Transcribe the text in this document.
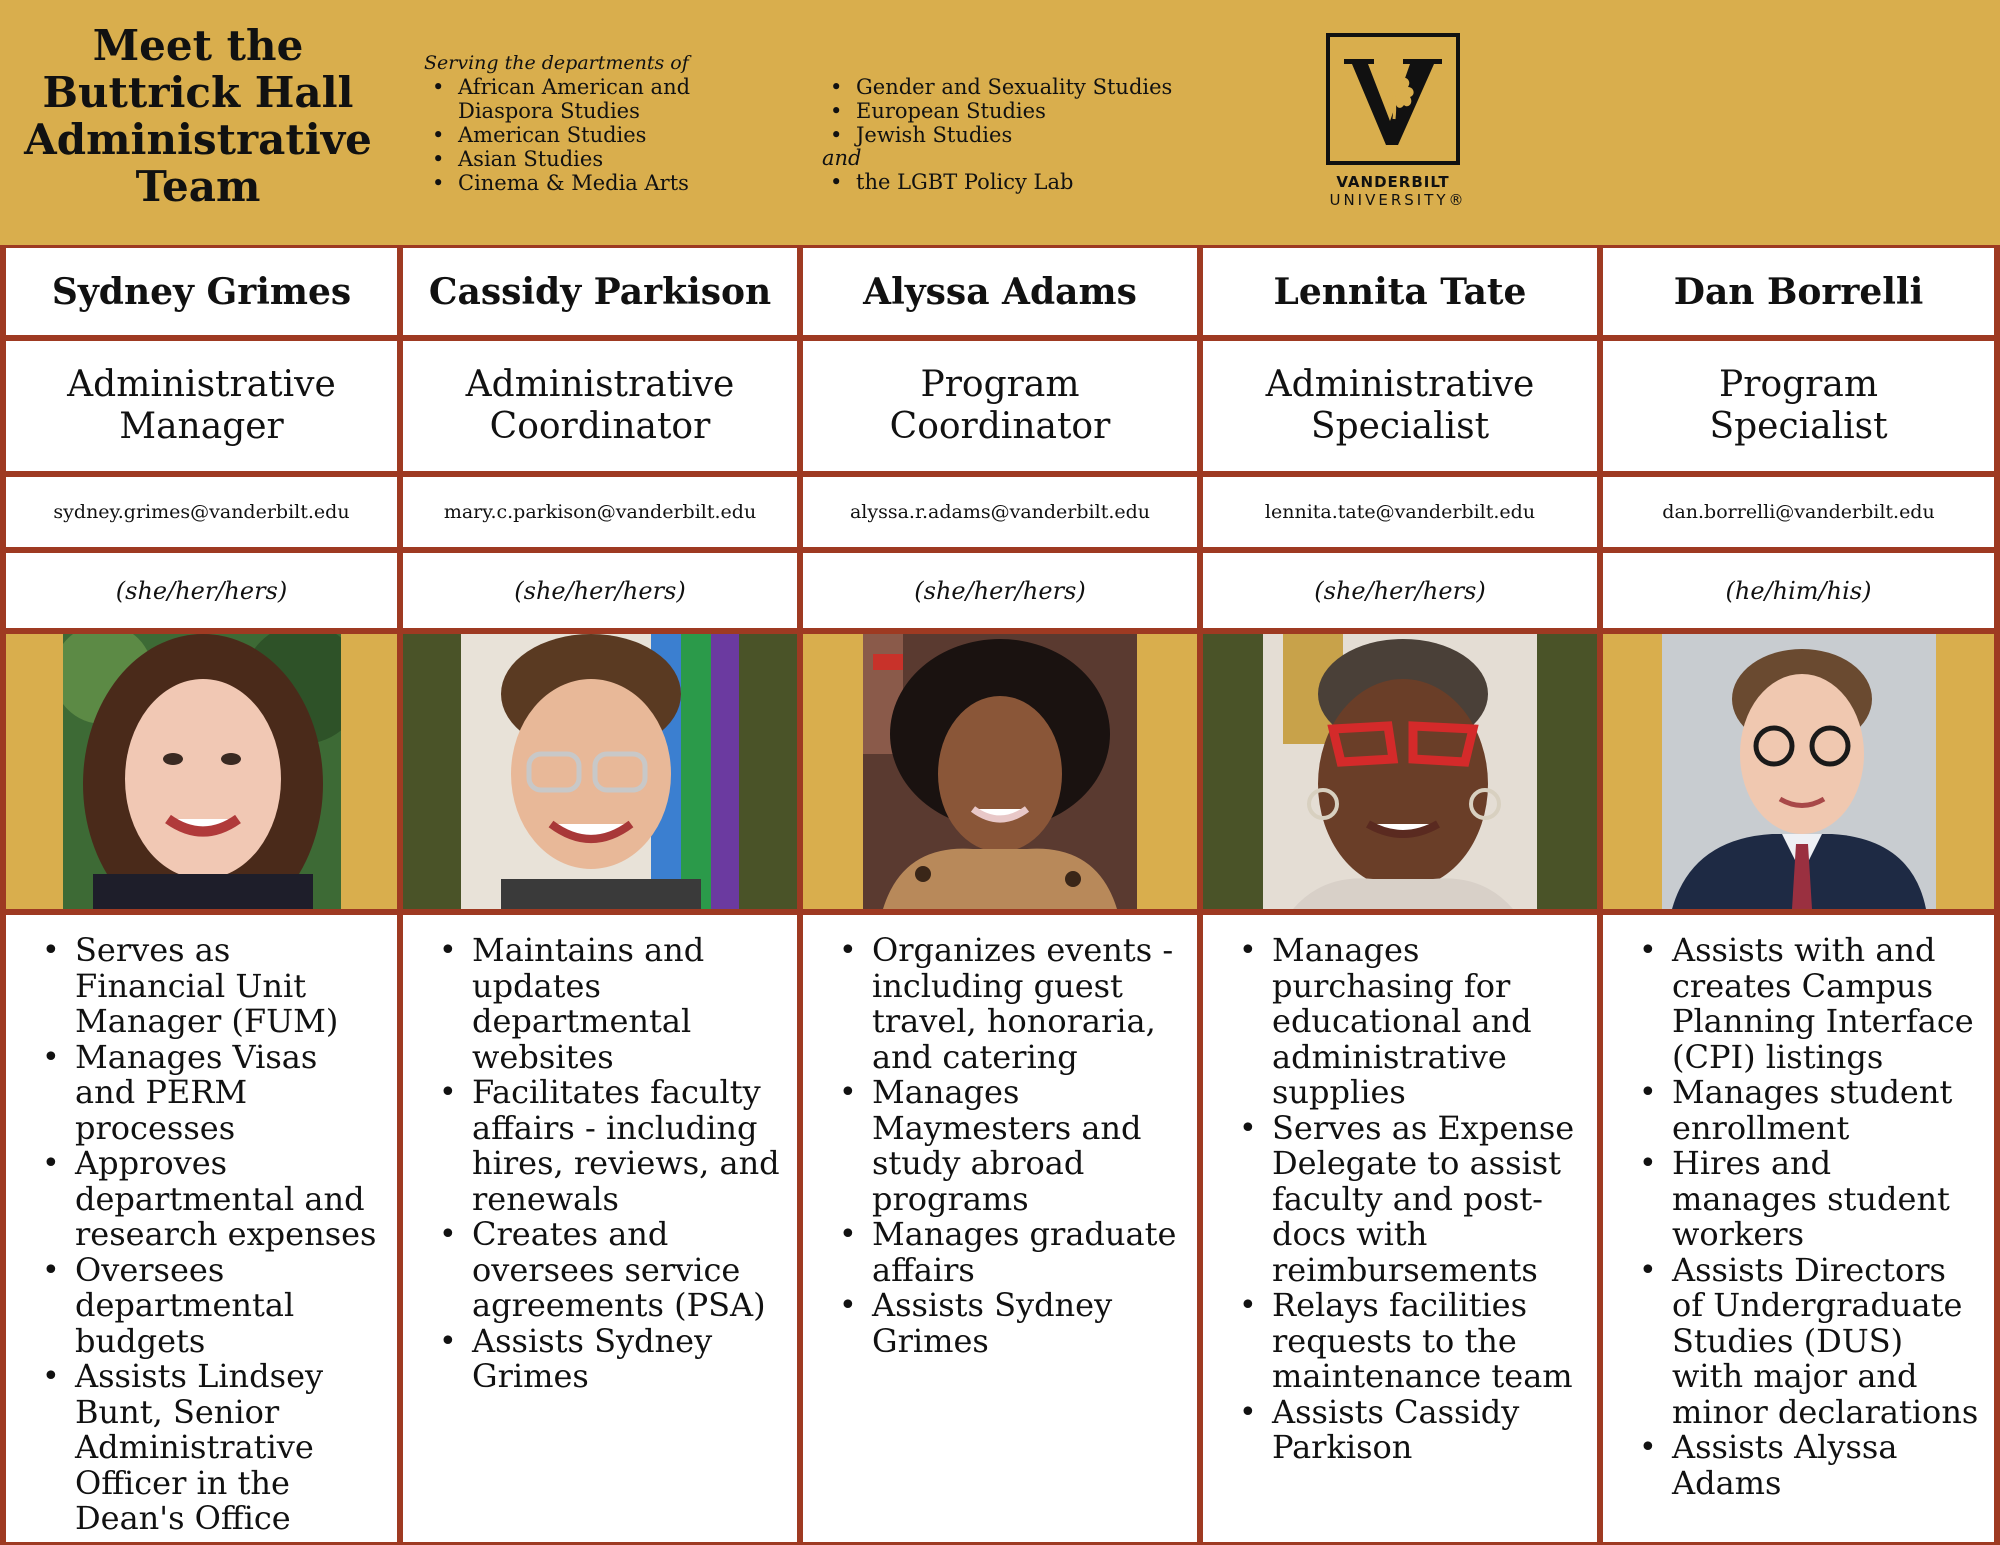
Meet the
Buttrick Hall
Administrative
Team
Serving the departments of
• African American and Diaspora Studies
• American Studies
• Asian Studies
• Cinema & Media Arts
• Gender and Sexuality Studies
• European Studies
• Jewish Studies
and
• the LGBT Policy Lab	VANDERBILT
UNIVERSITY®
Sydney Grimes
Administrative
Manager
sydney.grimes@vanderbilt.edu
(she/her/hers)
• Serves as Financial Unit Manager (FUM)
• Manages Visas and PERM processes
• Approves departmental and research expenses
• Oversees departmental budgets
• Assists Lindsey Bunt, Senior Administrative Officer in the Dean's Office
Cassidy Parkison
Administrative
Coordinator
mary.c.parkison@vanderbilt.edu
(she/her/hers)
• Maintains and updates departmental websites
• Facilitates faculty affairs - including hires, reviews, and renewals
• Creates and oversees service agreements (PSA)
• Assists Sydney Grimes
Alyssa Adams
Program
Coordinator
alyssa.r.adams@vanderbilt.edu
(she/her/hers)
• Organizes events - including guest travel, honoraria, and catering
• Manages Maymesters and study abroad programs
• Manages graduate affairs
• Assists Sydney Grimes
Lennita Tate
Administrative
Specialist
lennita.tate@vanderbilt.edu
(she/her/hers)
• Manages purchasing for educational and administrative supplies
• Serves as Expense Delegate to assist faculty and post-docs with reimbursements
• Relays facilities requests to the maintenance team
• Assists Cassidy Parkison
Dan Borrelli
Program
Specialist
dan.borrelli@vanderbilt.edu
(he/him/his)
• Assists with and creates Campus Planning Interface (CPI) listings
• Manages student enrollment
• Hires and manages student workers
• Assists Directors of Undergraduate Studies (DUS) with major and minor declarations
• Assists Alyssa Adams
